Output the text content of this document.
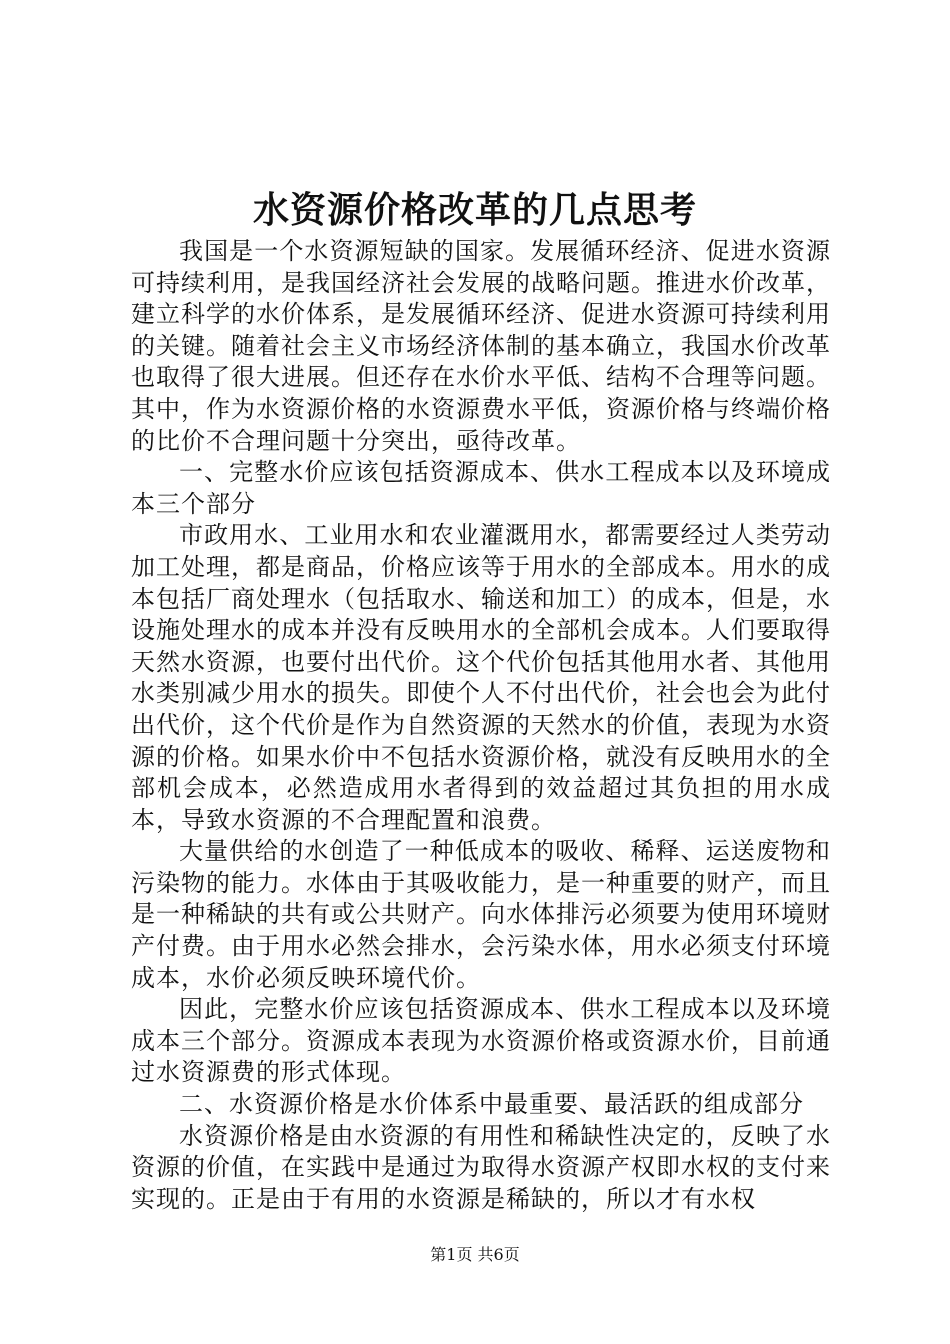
水资源价格改革的几点思考

我国是一个水资源短缺的国家。发展循环经济、促进水资源可持续利用，是我国经济社会发展的战略问题。推进水价改革，建立科学的水价体系，是发展循环经济、促进水资源可持续利用的关键。随着社会主义市场经济体制的基本确立，我国水价改革也取得了很大进展。但还存在水价水平低、结构不合理等问题。其中，作为水资源价格的水资源费水平低，资源价格与终端价格的比价不合理问题十分突出，亟待改革。

一、完整水价应该包括资源成本、供水工程成本以及环境成本三个部分

市政用水、工业用水和农业灌溉用水，都需要经过人类劳动加工处理，都是商品，价格应该等于用水的全部成本。用水的成本包括厂商处理水（包括取水、输送和加工）的成本，但是，水设施处理水的成本并没有反映用水的全部机会成本。人们要取得天然水资源，也要付出代价。这个代价包括其他用水者、其他用水类别减少用水的损失。即使个人不付出代价，社会也会为此付出代价，这个代价是作为自然资源的天然水的价值，表现为水资源的价格。如果水价中不包括水资源价格，就没有反映用水的全部机会成本，必然造成用水者得到的效益超过其负担的用水成本，导致水资源的不合理配置和浪费。

大量供给的水创造了一种低成本的吸收、稀释、运送废物和污染物的能力。水体由于其吸收能力，是一种重要的财产，而且是一种稀缺的共有或公共财产。向水体排污必须要为使用环境财产付费。由于用水必然会排水，会污染水体，用水必须支付环境成本，水价必须反映环境代价。

因此，完整水价应该包括资源成本、供水工程成本以及环境成本三个部分。资源成本表现为水资源价格或资源水价，目前通过水资源费的形式体现。

二、水资源价格是水价体系中最重要、最活跃的组成部分

水资源价格是由水资源的有用性和稀缺性决定的，反映了水资源的价值，在实践中是通过为取得水资源产权即水权的支付来实现的。正是由于有用的水资源是稀缺的，所以才有水权

第1页 共6页
